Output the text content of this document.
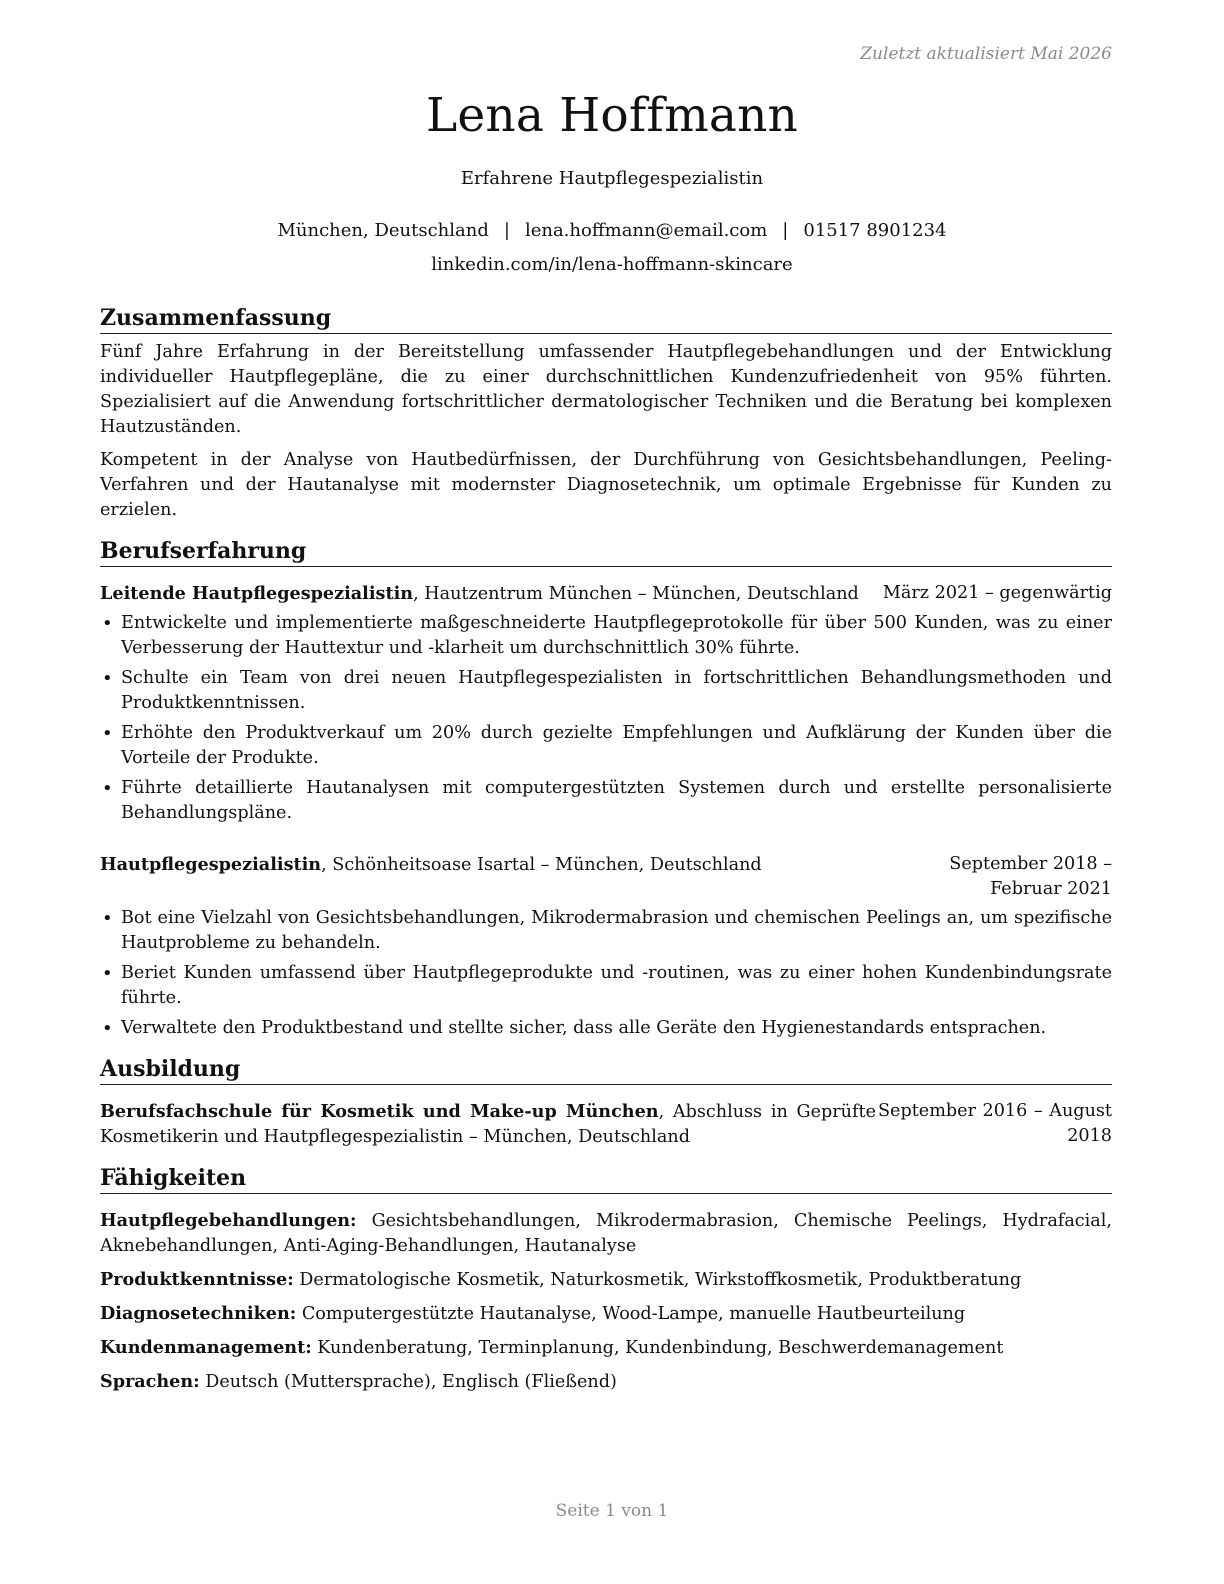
Zuletzt aktualisiert Mai 2026
Lena Hoffmann
Erfahrene Hautpflegespezialistin
München, Deutschland | lena.hoffmann@email.com | 01517 8901234
linkedin.com/in/lena-hoffmann-skincare
Zusammenfassung

Fünf Jahre Erfahrung in der Bereitstellung umfassender Hautpflegebehandlungen und der Entwicklung individueller Hautpflegepläne, die zu einer durchschnittlichen Kundenzufriedenheit von 95% führten. Spezialisiert auf die Anwendung fortschrittlicher dermatologischer Techniken und die Beratung bei komplexen Hautzuständen.

Kompetent in der Analyse von Hautbedürfnissen, der Durchführung von Gesichtsbehandlungen, Peeling-Verfahren und der Hautanalyse mit modernster Diagnosetechnik, um optimale Ergebnisse für Kunden zu erzielen.

Berufserfahrung
Leitende Hautpflegespezialistin, Hautzentrum München – München, Deutschland	März 2021 – gegenwärtig
• Entwickelte und implementierte maßgeschneiderte Hautpflegeprotokolle für über 500 Kunden, was zu einer Verbesserung der Hauttextur und -klarheit um durchschnittlich 30% führte.
• Schulte ein Team von drei neuen Hautpflegespezialisten in fortschrittlichen Behandlungsmethoden und Produktkenntnissen.
• Erhöhte den Produktverkauf um 20% durch gezielte Empfehlungen und Aufklärung der Kunden über die Vorteile der Produkte.
• Führte detaillierte Hautanalysen mit computergestützten Systemen durch und erstellte personalisierte Behandlungspläne.
Hautpflegespezialistin, Schönheitsoase Isartal – München, Deutschland	September 2018 – Februar 2021
• Bot eine Vielzahl von Gesichtsbehandlungen, Mikrodermabrasion und chemischen Peelings an, um spezifische Hautprobleme zu behandeln.
• Beriet Kunden umfassend über Hautpflegeprodukte und -routinen, was zu einer hohen Kundenbindungsrate führte.
• Verwaltete den Produktbestand und stellte sicher, dass alle Geräte den Hygienestandards entsprachen.
Ausbildung
Berufsfachschule für Kosmetik und Make-up München, Abschluss in Geprüfte Kosmetikerin und Hautpflegespezialistin – München, Deutschland
September 2016 – August
2018
Fähigkeiten
Hautpflegebehandlungen: Gesichtsbehandlungen, Mikrodermabrasion, Chemische Peelings, Hydrafacial, Aknebehandlungen, Anti-Aging-Behandlungen, Hautanalyse
Produktkenntnisse: Dermatologische Kosmetik, Naturkosmetik, Wirkstoffkosmetik, Produktberatung
Diagnosetechniken: Computergestützte Hautanalyse, Wood-Lampe, manuelle Hautbeurteilung
Kundenmanagement: Kundenberatung, Terminplanung, Kundenbindung, Beschwerdemanagement
Sprachen: Deutsch (Muttersprache), Englisch (Fließend)
Seite 1 von 1
